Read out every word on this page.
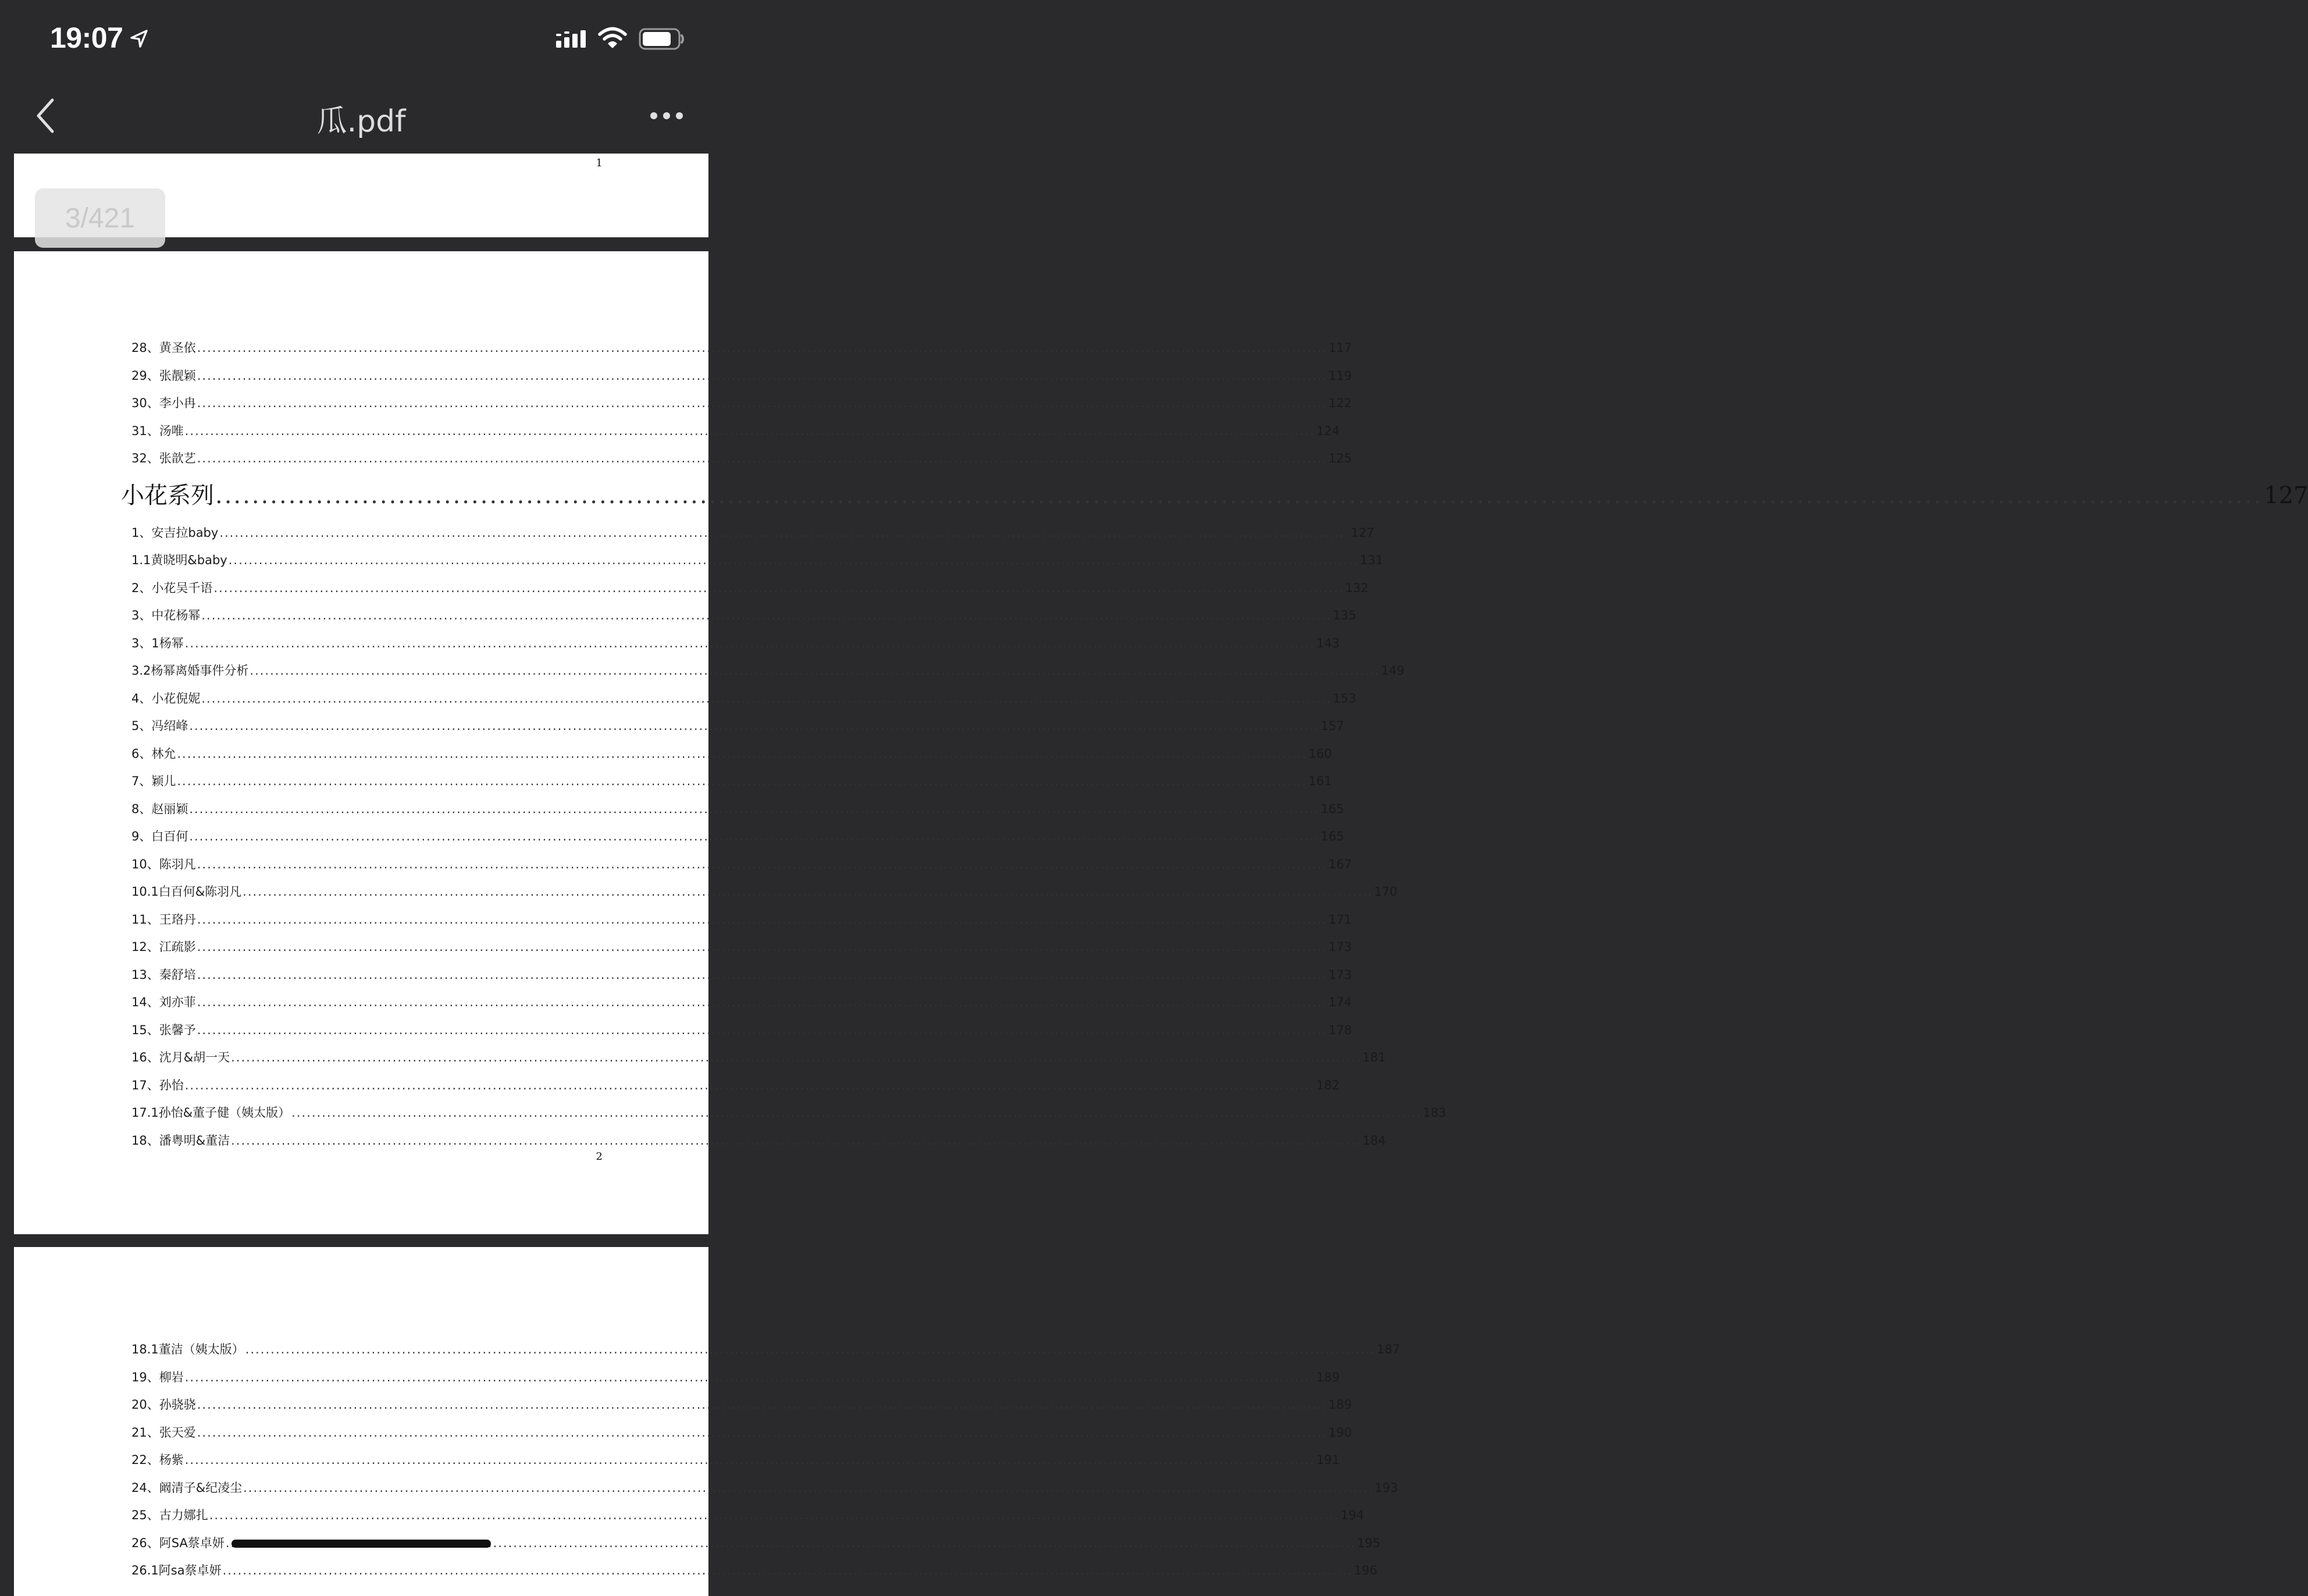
19:07
瓜.pdf
1
28、黄圣依 .....	117
29、张靓颖 .....	119
30、李小冉 .....	122
31、汤唯 .....	124
32、张歆艺 .....	125
小花系列 .....	127
1、安吉拉baby .....	127
1.1黄晓明&baby .....	131
2、小花吴千语 .....	132
3、中花杨幂 .....	135
3、1杨幂 .....	143
3.2杨幂离婚事件分析 .....	149
4、小花倪妮 .....	153
5、冯绍峰 .....	157
6、林允 .....	160
7、颖儿 .....	161
8、赵丽颖 .....	165
9、白百何 .....	165
10、陈羽凡 .....	167
10.1白百何&陈羽凡 .....	170
11、王珞丹 .....	171
12、江疏影 .....	173
13、秦舒培 .....	173
14、刘亦菲 .....	174
15、张馨予 .....	178
16、沈月&胡一天 .....	181
17、孙怡 .....	182
17.1孙怡&董子健（姨太版） .....	183
18、潘粤明&董洁 .....	184
2
18.1董洁（姨太版） .....	187
19、柳岩 .....	189
20、孙骁骁 .....	189
21、张天爱 .....	190
22、杨紫 .....	191
24、阚清子&纪凌尘 .....	193
25、古力娜扎 .....	194
26、阿SA蔡卓妍 .....	195
26.1阿sa蔡卓妍 .....	196
3/421
